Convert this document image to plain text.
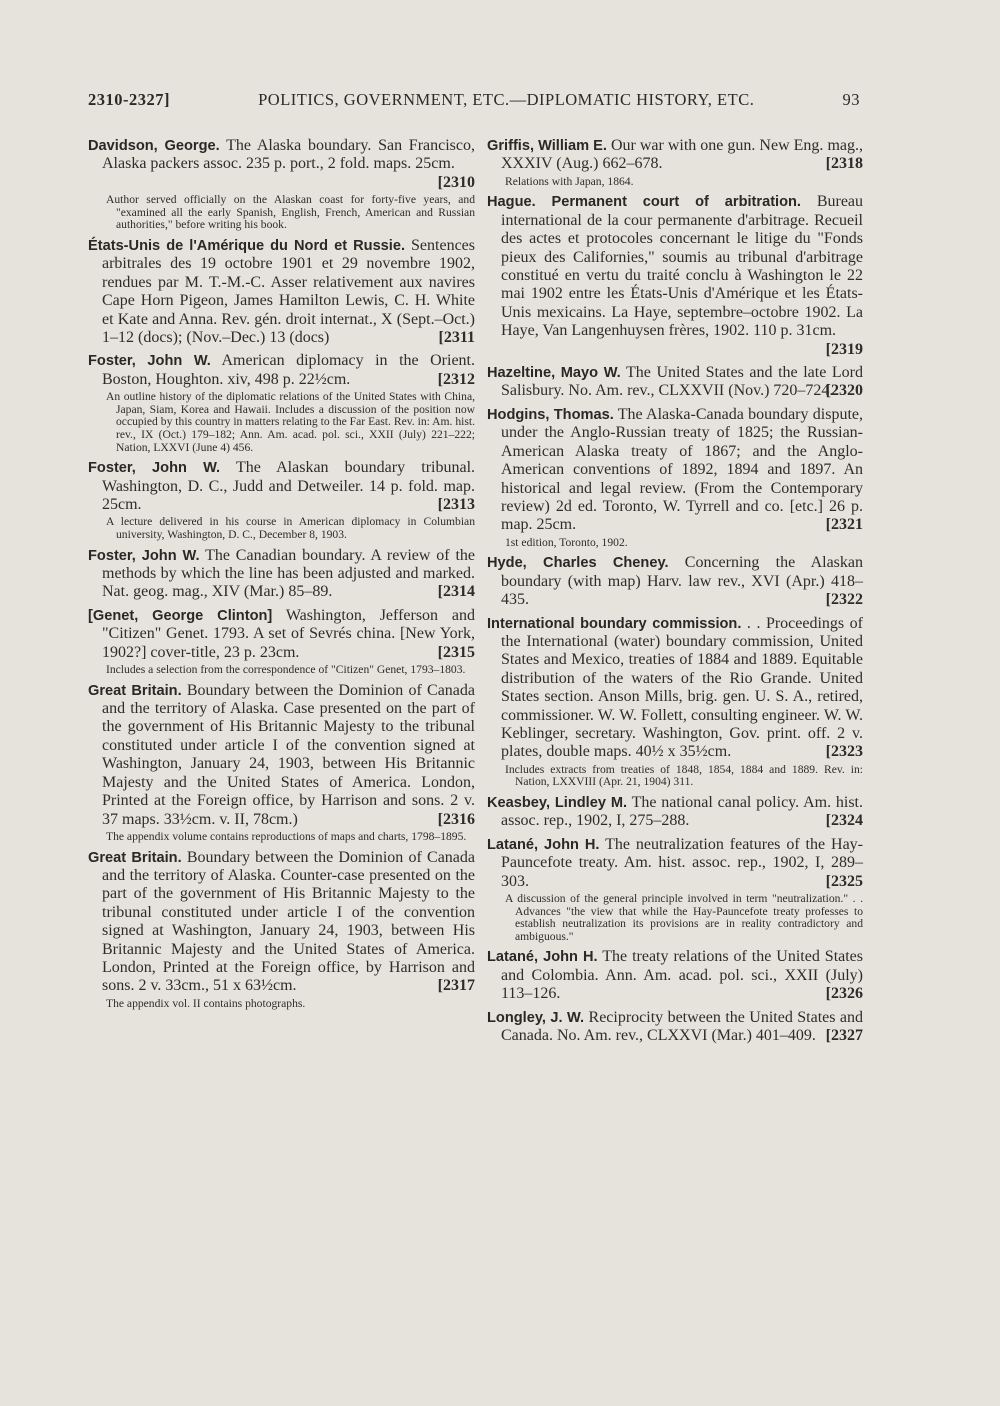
2310-2327]	POLITICS, GOVERNMENT, ETC.—DIPLOMATIC HISTORY, ETC.	93
Davidson, George. The Alaska boundary. San Francisco, Alaska packers assoc. 235 p. port., 2 fold. maps. 25cm.
[2310
Author served officially on the Alaskan coast for forty-five years, and "examined all the early Spanish, English, French, American and Russian authorities," before writing his book.
États-Unis de l'Amérique du Nord et Russie. Sentences arbitrales des 19 octobre 1901 et 29 novembre 1902, rendues par M. T.-M.-C. Asser relativement aux navires Cape Horn Pigeon, James Hamilton Lewis, C. H. White et Kate and Anna. Rev. gén. droit internat., X (Sept.–Oct.) 1–12 (docs); (Nov.–Dec.) 13 (docs)	[2311
Foster, John W. American diplomacy in the Orient. Boston, Houghton. xiv, 498 p. 22½cm.	[2312
An outline history of the diplomatic relations of the United States with China, Japan, Siam, Korea and Hawaii. Includes a discussion of the position now occupied by this country in matters relating to the Far East. Rev. in: Am. hist. rev., IX (Oct.) 179–182; Ann. Am. acad. pol. sci., XXII (July) 221–222; Nation, LXXVI (June 4) 456.
Foster, John W. The Alaskan boundary tribunal. Washington, D. C., Judd and Detweiler. 14 p. fold. map. 25cm.	[2313
A lecture delivered in his course in American diplomacy in Columbian university, Washington, D. C., December 8, 1903.
Foster, John W. The Canadian boundary. A review of the methods by which the line has been adjusted and marked. Nat. geog. mag., XIV (Mar.) 85–89.	[2314
[Genet, George Clinton] Washington, Jefferson and "Citizen" Genet. 1793. A set of Sevrés china. [New York, 1902?] cover-title, 23 p. 23cm.	[2315
Includes a selection from the correspondence of "Citizen" Genet, 1793–1803.
Great Britain. Boundary between the Dominion of Canada and the territory of Alaska. Case presented on the part of the government of His Britannic Majesty to the tribunal constituted under article I of the convention signed at Washington, January 24, 1903, between His Britannic Majesty and the United States of America. London, Printed at the Foreign office, by Harrison and sons. 2 v. 37 maps. 33½cm. v. II, 78cm.)	[2316
The appendix volume contains reproductions of maps and charts, 1798–1895.
Great Britain. Boundary between the Dominion of Canada and the territory of Alaska. Counter-case presented on the part of the government of His Britannic Majesty to the tribunal constituted under article I of the convention signed at Washington, January 24, 1903, between His Britannic Majesty and the United States of America. London, Printed at the Foreign office, by Harrison and sons. 2 v. 33cm., 51 x 63½cm.	[2317
The appendix vol. II contains photographs.
Griffis, William E. Our war with one gun. New Eng. mag., XXXIV (Aug.) 662–678.	[2318
Relations with Japan, 1864.
Hague. Permanent court of arbitration. Bureau international de la cour permanente d'arbitrage. Recueil des actes et protocoles concernant le litige du "Fonds pieux des Californies," soumis au tribunal d'arbitrage constitué en vertu du traité conclu à Washington le 22 mai 1902 entre les États-Unis d'Amérique et les États-Unis mexicains. La Haye, septembre–octobre 1902. La Haye, Van Langenhuysen frères, 1902. 110 p. 31cm.
[2319
Hazeltine, Mayo W. The United States and the late Lord Salisbury. No. Am. rev., CLXXVII (Nov.) 720–724.
[2320
Hodgins, Thomas. The Alaska-Canada boundary dispute, under the Anglo-Russian treaty of 1825; the Russian-American Alaska treaty of 1867; and the Anglo-American conventions of 1892, 1894 and 1897. An historical and legal review. (From the Contemporary review) 2d ed. Toronto, W. Tyrrell and co. [etc.] 26 p. map. 25cm.	[2321
1st edition, Toronto, 1902.
Hyde, Charles Cheney. Concerning the Alaskan boundary (with map) Harv. law rev., XVI (Apr.) 418–435.	[2322
International boundary commission. . . Proceedings of the International (water) boundary commission, United States and Mexico, treaties of 1884 and 1889. Equitable distribution of the waters of the Rio Grande. United States section. Anson Mills, brig. gen. U. S. A., retired, commissioner. W. W. Follett, consulting engineer. W. W. Keblinger, secretary. Washington, Gov. print. off. 2 v. plates, double maps. 40½ x 35½cm.	[2323
Includes extracts from treaties of 1848, 1854, 1884 and 1889. Rev. in: Nation, LXXVIII (Apr. 21, 1904) 311.
Keasbey, Lindley M. The national canal policy. Am. hist. assoc. rep., 1902, I, 275–288.	[2324
Latané, John H. The neutralization features of the Hay-Pauncefote treaty. Am. hist. assoc. rep., 1902, I, 289–303.	[2325
A discussion of the general principle involved in term "neutralization." . . Advances "the view that while the Hay-Pauncefote treaty professes to establish neutralization its provisions are in reality contradictory and ambiguous."
Latané, John H. The treaty relations of the United States and Colombia. Ann. Am. acad. pol. sci., XXII (July) 113–126.	[2326
Longley, J. W. Reciprocity between the United States and Canada. No. Am. rev., CLXXVI (Mar.) 401–409. [2327
